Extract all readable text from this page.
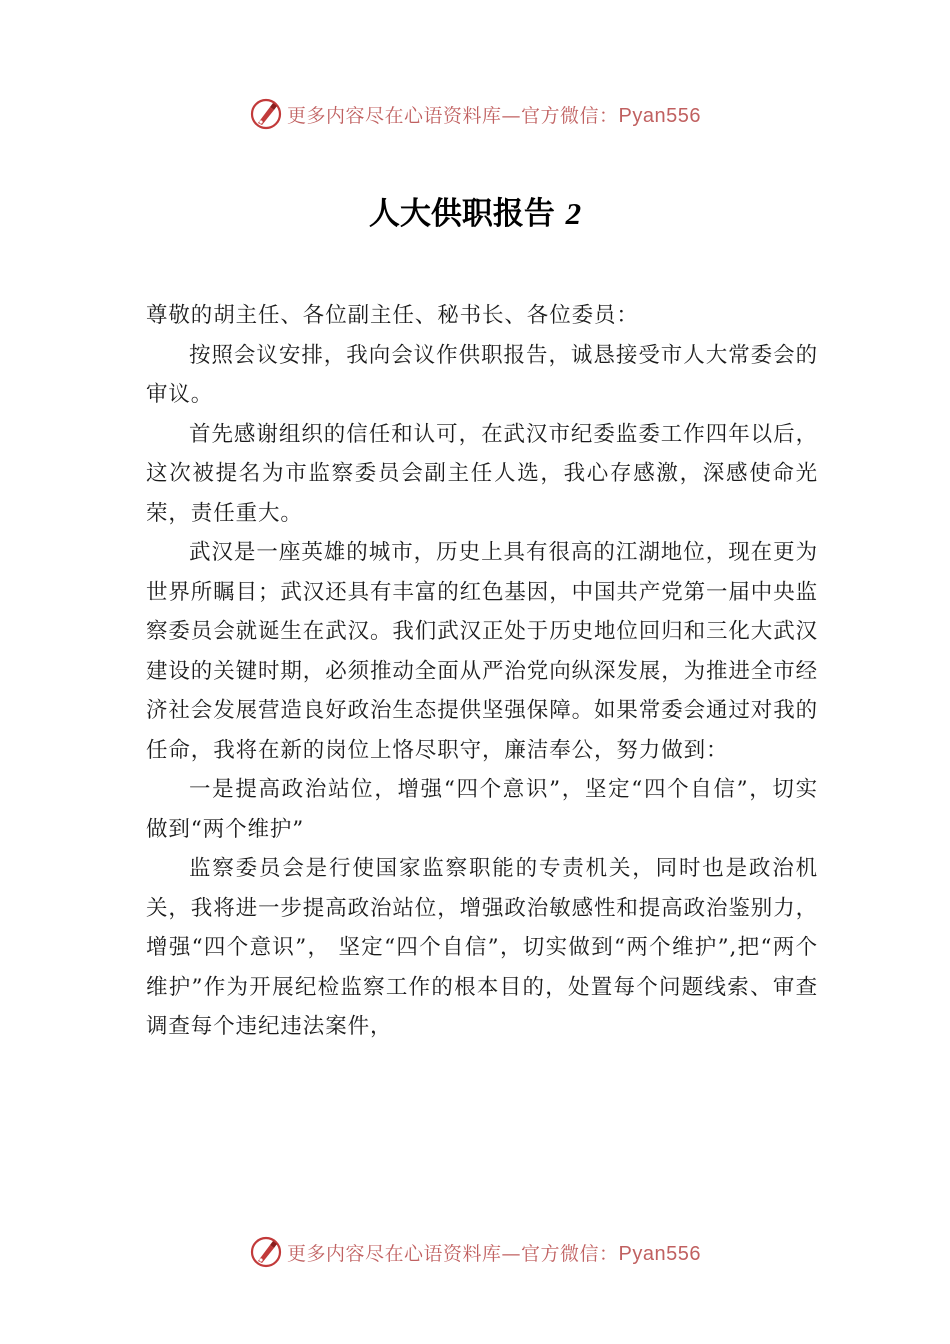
更多内容尽在心语资料库—官方微信：Pyan556
人大供职报告 2

尊敬的胡主任、各位副主任、秘书长、各位委员：

按照会议安排，我向会议作供职报告，诚恳接受市人大常委会的审议。

首先感谢组织的信任和认可，在武汉市纪委监委工作四年以后，这次被提名为市监察委员会副主任人选，我心存感激，深感使命光荣，责任重大。

武汉是一座英雄的城市，历史上具有很高的江湖地位，现在更为世界所瞩目；武汉还具有丰富的红色基因，中国共产党第一届中央监察委员会就诞生在武汉。我们武汉正处于历史地位回归和三化大武汉建设的关键时期，必须推动全面从严治党向纵深发展，为推进全市经济社会发展营造良好政治生态提供坚强保障。如果常委会通过对我的任命，我将在新的岗位上恪尽职守，廉洁奉公，努力做到：

一是提高政治站位，增强“四个意识”，坚定“四个自信”，切实做到“两个维护”

监察委员会是行使国家监察职能的专责机关，同时也是政治机关，我将进一步提高政治站位，增强政治敏感性和提高政治鉴别力，增强“四个意识”， 坚定“四个自信”，切实做到“两个维护”,把“两个维护”作为开展纪检监察工作的根本目的，处置每个问题线索、审查调查每个违纪违法案件，

更多内容尽在心语资料库—官方微信：Pyan556
